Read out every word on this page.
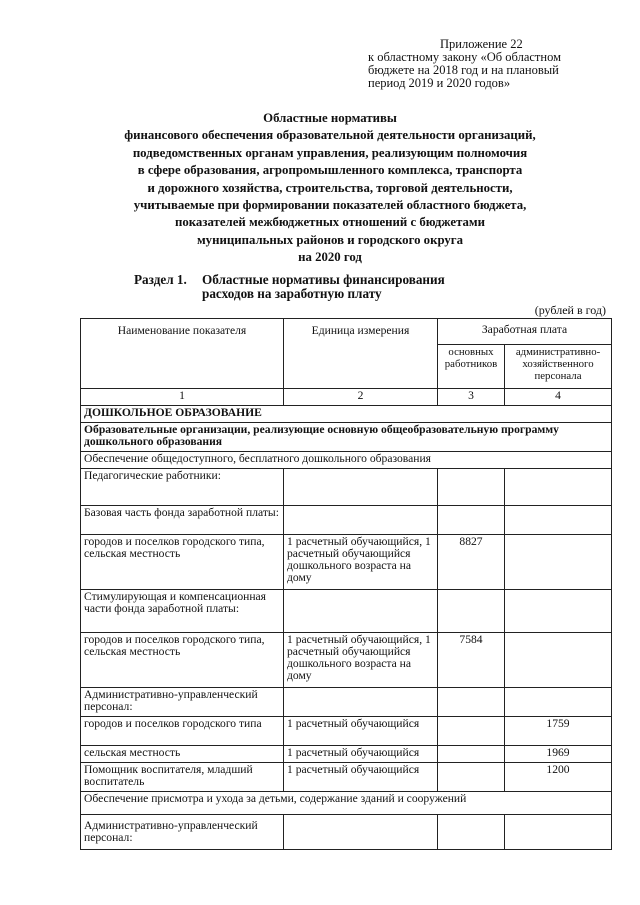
Приложение 22
к областному закону «Об областном
бюджете на 2018 год и на плановый
период 2019 и 2020 годов»
Областные нормативы
финансового обеспечения образовательной деятельности организаций,
подведомственных органам управления, реализующим полномочия
в сфере образования, агропромышленного комплекса, транспорта
и дорожного хозяйства, строительства, торговой деятельности,
учитываемые при формировании показателей областного бюджета,
показателей межбюджетных отношений с бюджетами
муниципальных районов и городского округа
на 2020 год
Раздел 1. Областные нормативы финансирования
расходов на заработную плату
(рублей в год)
Наименование показателя	Единица измерения	Заработная плата	
		основных работников	административно-хозяйственного персонала
1	2	3	4
ДОШКОЛЬНОЕ ОБРАЗОВАНИЕ			
Образовательные организации, реализующие основную общеобразовательную программу дошкольного образования			
Обеспечение общедоступного, бесплатного дошкольного образования			
Педагогические работники:			
Базовая часть фонда заработной платы:			
городов и поселков городского типа, сельская местность	1 расчетный обучающийся, 1 расчетный обучающийся дошкольного возраста на дому	8827	
Стимулирующая и компенсационная части фонда заработной платы:			
городов и поселков городского типа, сельская местность	1 расчетный обучающийся, 1 расчетный обучающийся дошкольного возраста на дому	7584	
Административно-управленческий персонал:			
городов и поселков городского типа	1 расчетный обучающийся		1759
сельская местность	1 расчетный обучающийся		1969
Помощник воспитателя, младший воспитатель	1 расчетный обучающийся		1200
Обеспечение присмотра и ухода за детьми, содержание зданий и сооружений			
Административно-управленческий персонал:			
